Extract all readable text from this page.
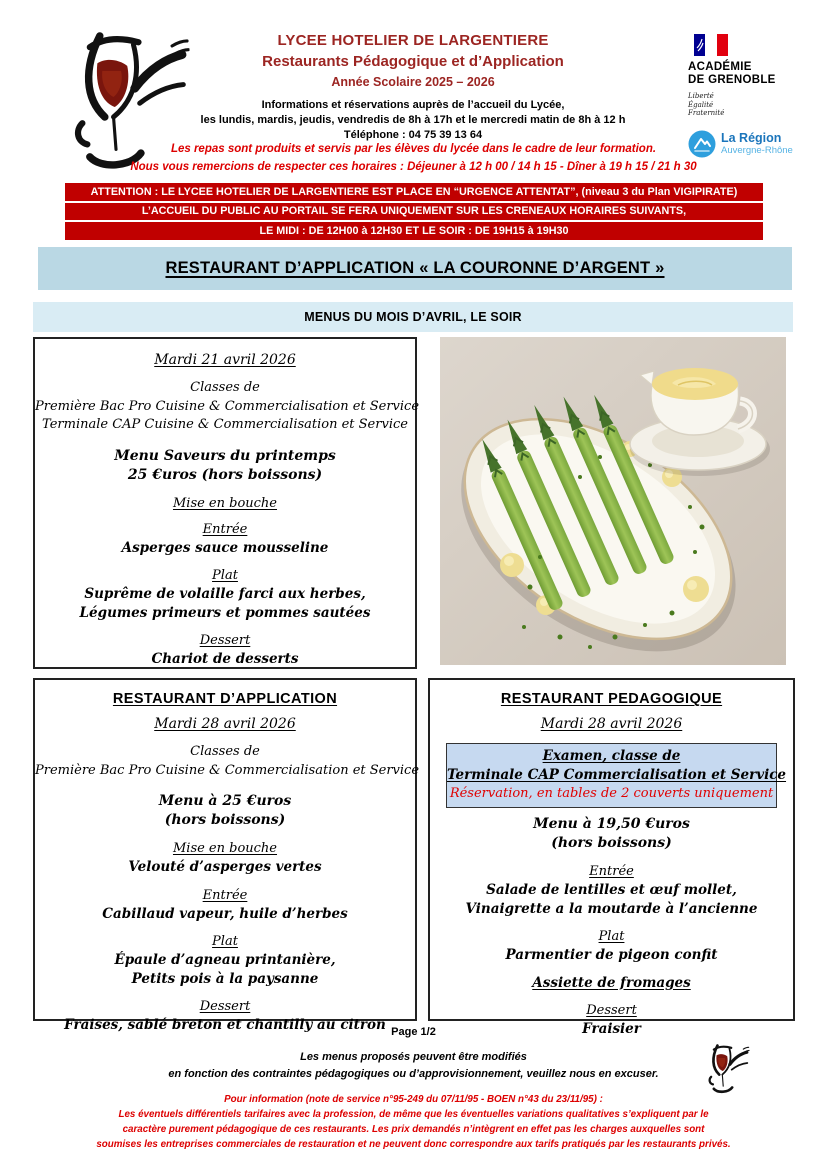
LYCEE HOTELIER DE LARGENTIERE
Restaurants Pédagogique et d’Application
Année Scolaire 2025 – 2026
Informations et réservations auprès de l’accueil du Lycée,
les lundis, mardis, jeudis, vendredis de 8h à 17h et le mercredi matin de 8h à 12 h
Téléphone : 04 75 39 13 64
ACADÉMIE
DE GRENOBLE
Liberté
Égalité
Fraternité
La Région
Auvergne-Rhône
Les repas sont produits et servis par les élèves du lycée dans le cadre de leur formation.
Nous vous remercions de respecter ces horaires : Déjeuner à 12 h 00 / 14 h 15 - Dîner à 19 h 15 / 21 h 30
ATTENTION : LE LYCEE HOTELIER DE LARGENTIERE EST PLACE EN “URGENCE ATTENTAT”, (niveau 3 du Plan VIGIPIRATE)
L’ACCUEIL DU PUBLIC AU PORTAIL SE FERA UNIQUEMENT SUR LES CRENEAUX HORAIRES SUIVANTS,
LE MIDI : DE 12H00 à 12H30 ET LE SOIR : DE 19H15 à 19H30
RESTAURANT D’APPLICATION « LA COURONNE D’ARGENT »
MENUS DU MOIS D’AVRIL, LE SOIR
Mardi 21 avril 2026
Classes de
Première Bac Pro Cuisine & Commercialisation et Service
Terminale CAP Cuisine & Commercialisation et Service
Menu Saveurs du printemps
25 €uros (hors boissons)
Mise en bouche
Entrée
Asperges sauce mousseline
Plat
Suprême de volaille farci aux herbes,
Légumes primeurs et pommes sautées
Dessert
Chariot de desserts
RESTAURANT D’APPLICATION
Mardi 28 avril 2026
Classes de
Première Bac Pro Cuisine & Commercialisation et Service
Menu à 25 €uros
(hors boissons)
Mise en bouche
Velouté d’asperges vertes
Entrée
Cabillaud vapeur, huile d’herbes
Plat
Épaule d’agneau printanière,
Petits pois à la paysanne
Dessert
Fraises, sablé breton et chantilly au citron
RESTAURANT PEDAGOGIQUE
Mardi 28 avril 2026
Examen, classe de
Terminale CAP Commercialisation et Service
Réservation, en tables de 2 couverts uniquement
Menu à 19,50 €uros
(hors boissons)
Entrée
Salade de lentilles et œuf mollet,
Vinaigrette a la moutarde à l’ancienne
Plat
Parmentier de pigeon confit
Assiette de fromages
Dessert
Fraisier
Page 1/2
Les menus proposés peuvent être modifiés
en fonction des contraintes pédagogiques ou d’approvisionnement, veuillez nous en excuser.
Pour information (note de service n°95-249 du 07/11/95 - BOEN n°43 du 23/11/95) :
Les éventuels différentiels tarifaires avec la profession, de même que les éventuelles variations qualitatives s’expliquent par le
caractère purement pédagogique de ces restaurants. Les prix demandés n’intègrent en effet pas les charges auxquelles sont
soumises les entreprises commerciales de restauration et ne peuvent donc correspondre aux tarifs pratiqués par les restaurants privés.
